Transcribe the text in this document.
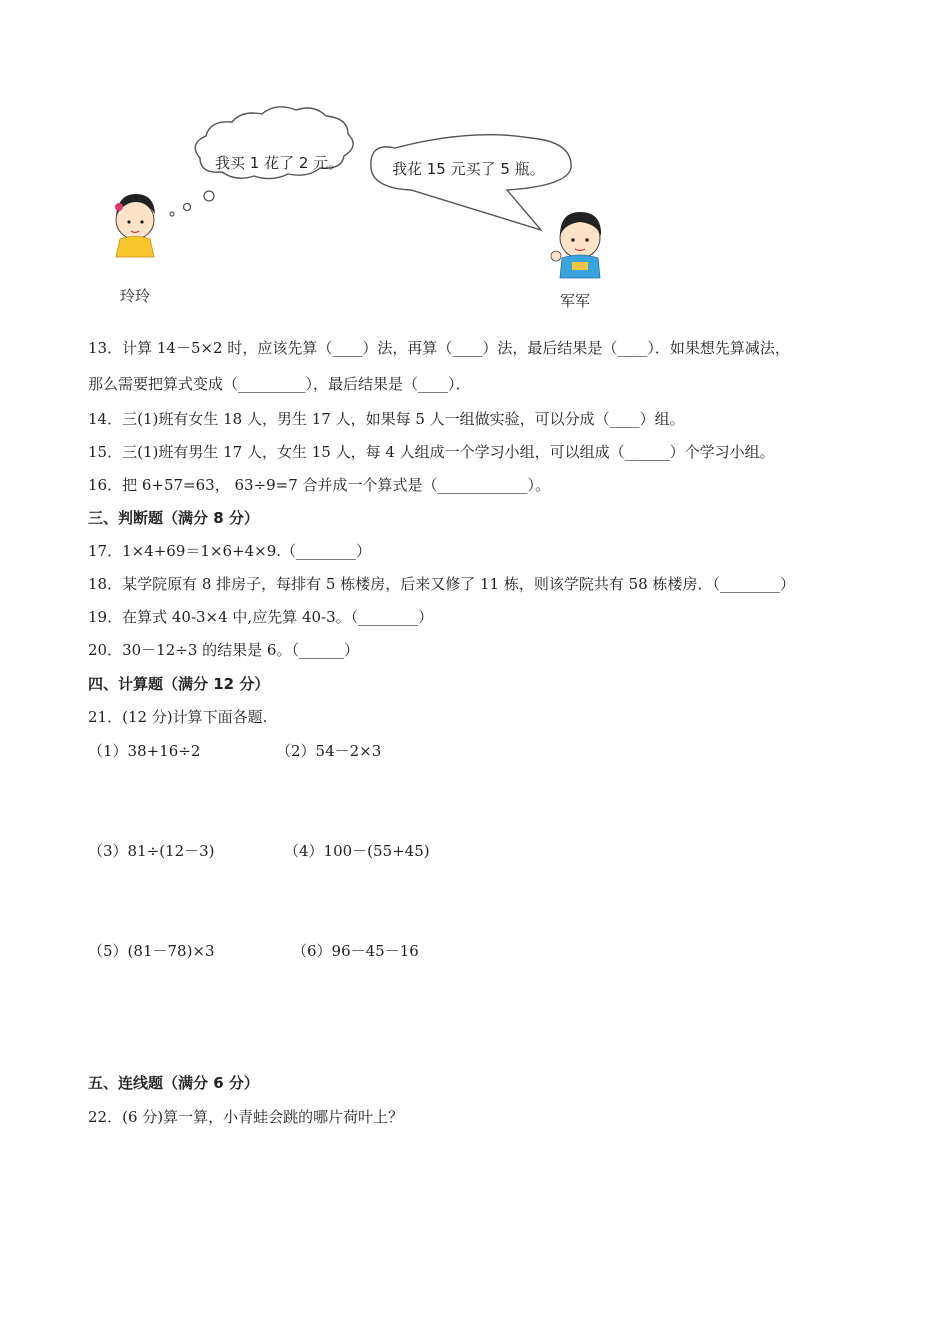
我买 1 花了 2 元。	我花 15 元买了 5 瓶。
玲玲	军军
13．计算 14－5×2 时，应该先算（____）法，再算（____）法，最后结果是（____）．如果想先算减法，
那么需要把算式变成（_________），最后结果是（____）．
14．三(1)班有女生 18 人，男生 17 人，如果每 5 人一组做实验，可以分成（____）组。
15．三(1)班有男生 17 人，女生 15 人，每 4 人组成一个学习小组，可以组成（______）个学习小组。
16．把 6+57=63， 63÷9=7 合并成一个算式是（____________）。
三、判断题（满分 8 分）
17．1×4+69＝1×6+4×9.（________）
18．某学院原有 8 排房子，每排有 5 栋楼房，后来又修了 11 栋，则该学院共有 58 栋楼房．（________）
19．在算式 40-3×4 中,应先算 40-3。（________）
20．30－12÷3 的结果是 6。（______）
四、计算题（满分 12 分）
21．(12 分)计算下面各题.
（1）38+16÷2	（2）54－2×3
（3）81÷(12－3)	（4）100－(55+45)
（5）(81－78)×3	（6）96－45－16
五、连线题（满分 6 分）
22．(6 分)算一算，小青蛙会跳的哪片荷叶上？
